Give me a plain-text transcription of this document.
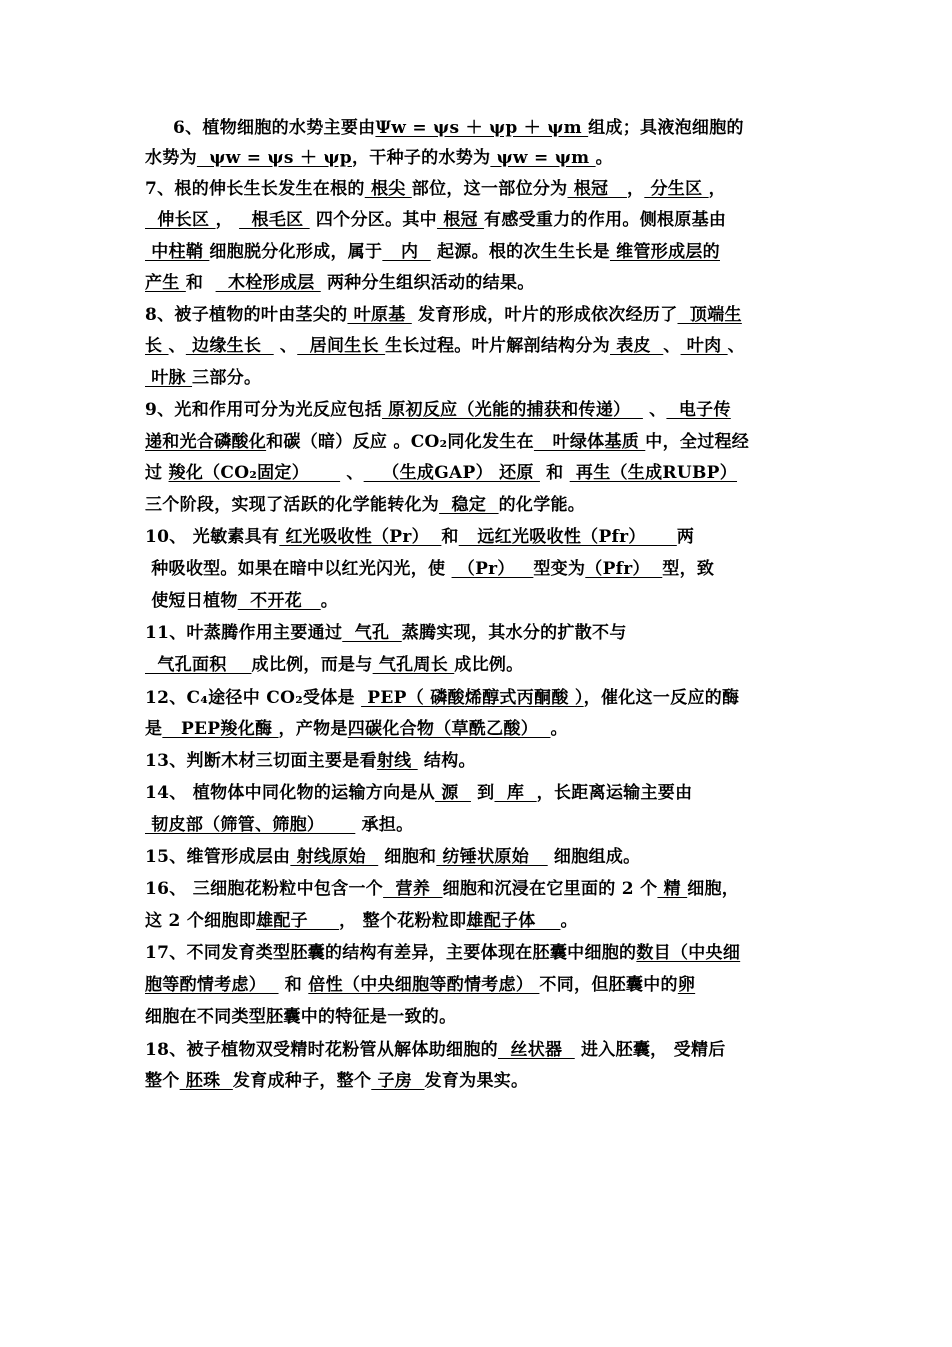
6、植物细胞的水势主要由Ψw = ψs ＋ ψp ＋ ψm 组成；具液泡细胞的
水势为  ψw = ψs ＋ ψp，干种子的水势为 ψw = ψm 。
7、根的伸长生长发生在根的 根尖 部位，这一部位分为 根冠   ， 分生区 ，
伸长区 ，   根毛区  四个分区。其中 根冠 有感受重力的作用。侧根原基由
中柱鞘 细胞脱分化形成，属于   内   起源。根的次生生长是 维管形成层的
产生 和    木栓形成层  两种分生组织活动的结果。
8、被子植物的叶由茎尖的 叶原基  发育形成，叶片的形成依次经历了  顶端生
长 、 边缘生长   、  居间生长 生长过程。叶片解剖结构分为 表皮  、 叶肉 、
叶脉 三部分。
9、光和作用可分为光反应包括 原初反应（光能的捕获和传递）   、  电子传
递和光合磷酸化和碳（暗）反应 。CO₂同化发生在   叶绿体基质 中，全过程经
过 羧化（CO₂固定）      、   （生成GAP） 还原  和  再生（生成RUBP）
三个阶段，实现了活跃的化学能转化为  稳定  的化学能。
10、 光敏素具有 红光吸收性（Pr）  和   远红光吸收性（Pfr）     两
种吸收型。如果在暗中以红光闪光，使  （Pr）   型变为（Pfr）  型，致
使短日植物  不开花   。
11、叶蒸腾作用主要通过  气孔  蒸腾实现，其水分的扩散不与
气孔面积    成比例，而是与 气孔周长 成比例。
12、C₄途径中 CO₂受体是  PEP（ 磷酸烯醇式丙酮酸 ），催化这一反应的酶
是   PEP羧化酶 ，产物是四碳化合物（草酰乙酸）  。
13、判断木材三切面主要是看射线  结构。
14、 植物体中同化物的运输方向是从 源   到  库  ，长距离运输主要由
韧皮部（筛管、筛胞）      承担。
15、维管形成层由 射线原始   细胞和 纺锤状原始    细胞组成。
16、 三细胞花粉粒中包含一个  营养  细胞和沉浸在它里面的 2 个 精 细胞，
这 2 个细胞即雄配子     ， 整个花粉粒即雄配子体    。
17、不同发育类型胚囊的结构有差异，主要体现在胚囊中细胞的数目（中央细
胞等酌情考虑）   和 倍性（中央细胞等酌情考虑） 不同，但胚囊中的卵
细胞在不同类型胚囊中的特征是一致的。
18、被子植物双受精时花粉管从解体助细胞的  丝状器   进入胚囊， 受精后
整个 胚珠  发育成种子，整个 子房  发育为果实。
